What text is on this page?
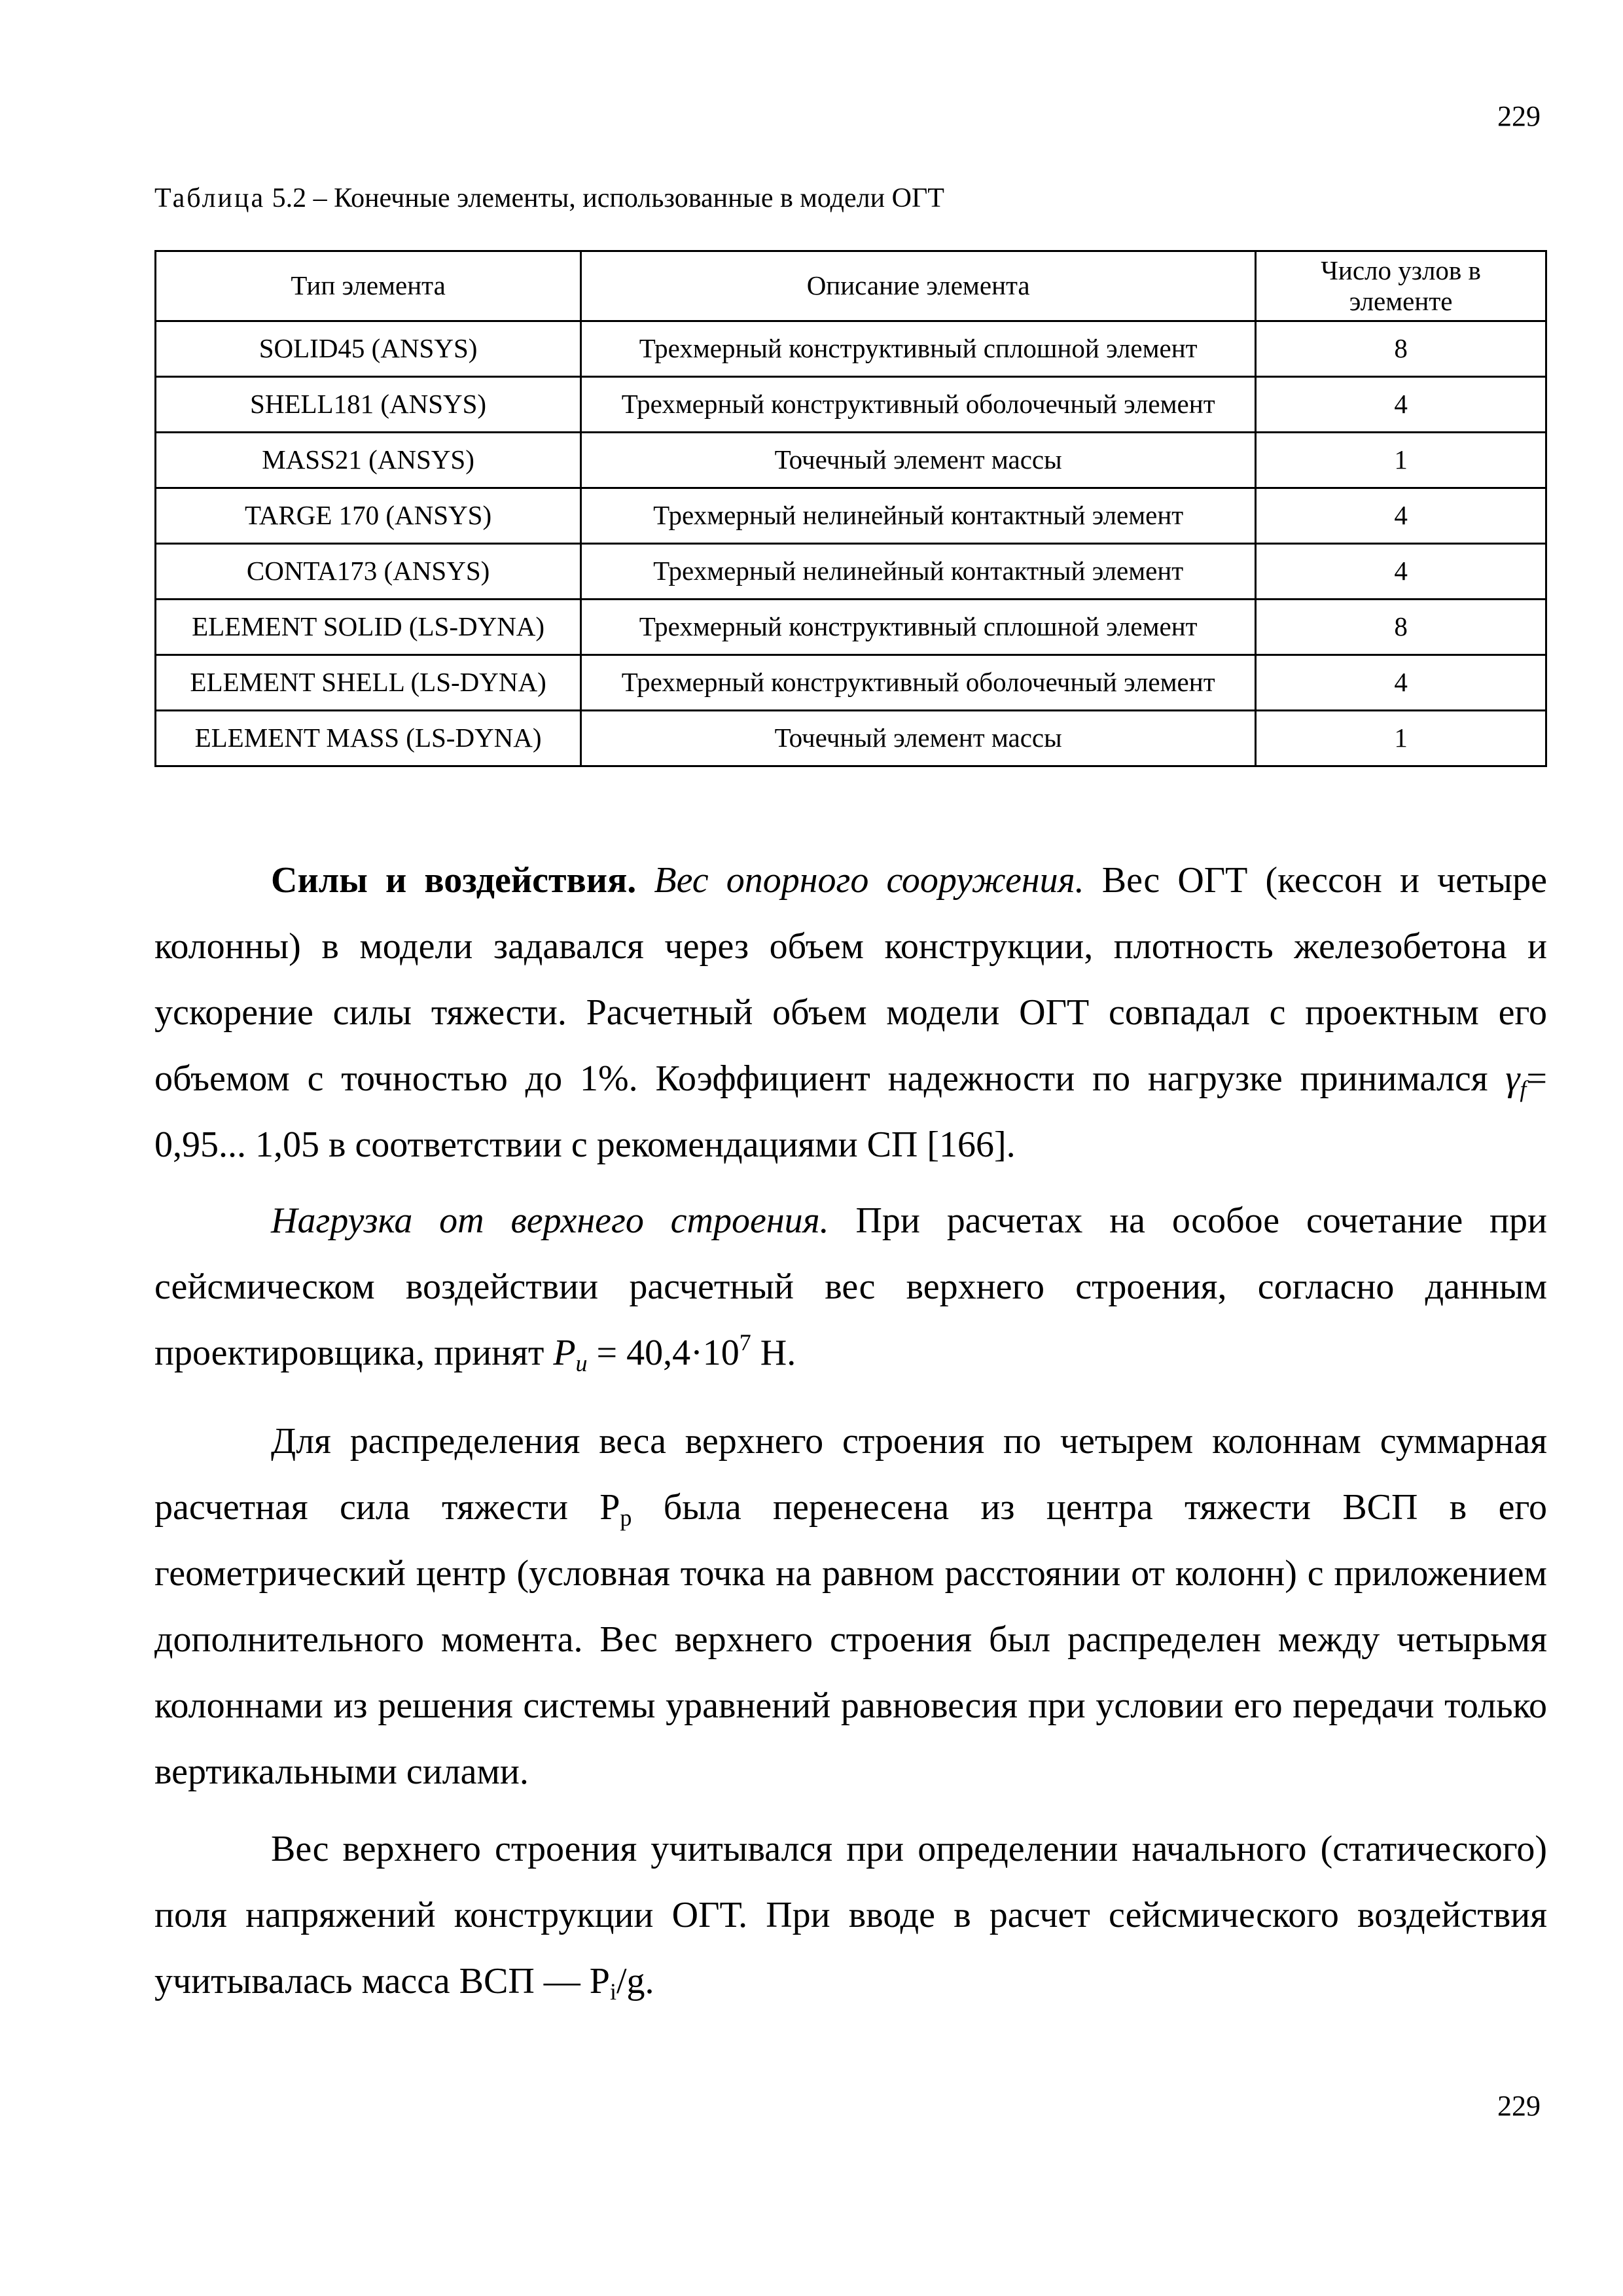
229
Таблица 5.2 – Конечные элементы, использованные в модели ОГТ
Тип элемента	Описание элемента	Число узлов в элементе
SOLID45 (ANSYS)	Трехмерный конструктивный сплошной элемент	8
SHELL181 (ANSYS)	Трехмерный конструктивный оболочечный элемент	4
MASS21 (ANSYS)	Точечный элемент массы	1
TARGE 170 (ANSYS)	Трехмерный нелинейный контактный элемент	4
CONTA173 (ANSYS)	Трехмерный нелинейный контактный элемент	4
ELEMENT SOLID (LS-DYNA)	Трехмерный конструктивный сплошной элемент	8
ELEMENT SHELL (LS-DYNA)	Трехмерный конструктивный оболочечный элемент	4
ELEMENT MASS (LS-DYNA)	Точечный элемент массы	1

Силы и воздействия. Вес опорного сооружения. Вес ОГТ (кессон и четыре колонны) в модели задавался через объем конструкции, плотность железобетона и ускорение силы тяжести. Расчетный объем модели ОГТ совпадал с проектным его объемом с точностью до 1%. Коэффициент надежности по нагрузке принимался $\gamma_f= 0,95$... 1,05 в соответствии с рекомендациями СП [166].

Нагрузка от верхнего строения. При расчетах на особое сочетание при сейсмическом воздействии расчетный вес верхнего строения, согласно данным проектировщика, принят $P_и = 40,4\cdot 10^7$ Н.

Для распределения веса верхнего строения по четырем колоннам суммарная расчетная сила тяжести $Р_р$ была перенесена из центра тяжести ВСП в его геометрический центр (условная точка на равном расстоянии от колонн) с приложением дополнительного момента. Вес верхнего строения был распределен между четырьмя колоннами из решения системы уравнений равновесия при условии его передачи только вертикальными силами.

Вес верхнего строения учитывался при определении начального (статического) поля напряжений конструкции ОГТ. При вводе в расчет сейсмического воздействия учитывалась масса ВСП — $P_i/g$.

229
